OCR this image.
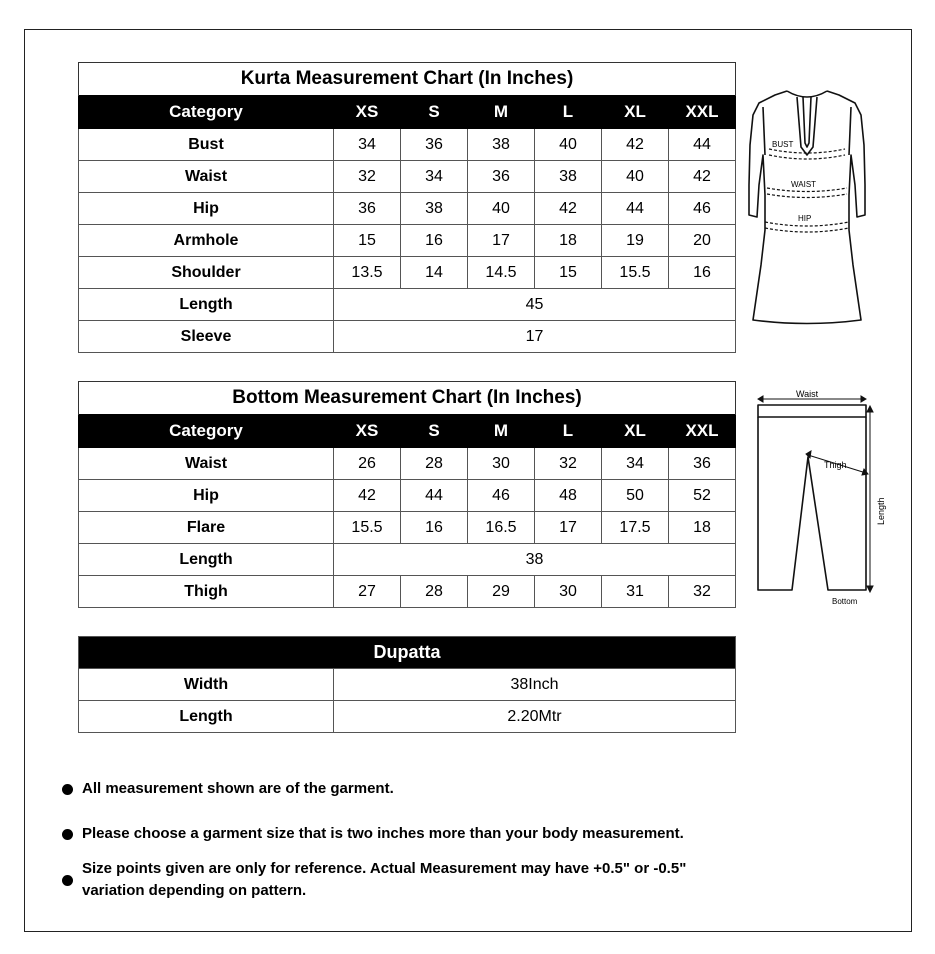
Kurta Measurement Chart (In Inches)						
Category	XS	S	M	L	XL	XXL
Bust	34	36	38	40	42	44
Waist	32	34	36	38	40	42
Hip	36	38	40	42	44	46
Armhole	15	16	17	18	19	20
Shoulder	13.5	14	14.5	15	15.5	16
Length	45					
Sleeve	17					
BUST
WAIST
HIP
Bottom Measurement Chart (In Inches)						
Category	XS	S	M	L	XL	XXL
Waist	26	28	30	32	34	36
Hip	42	44	46	48	50	52
Flare	15.5	16	16.5	17	17.5	18
Length	38					
Thigh	27	28	29	30	31	32
Waist
Thigh
Bottom
Length
Dupatta	
Width	38Inch
Length	2.20Mtr
All measurement shown are of the garment.
Please choose a garment size that is two inches more than your body measurement.
Size points given are only for reference. Actual Measurement may have +0.5" or -0.5" variation depending on pattern.
